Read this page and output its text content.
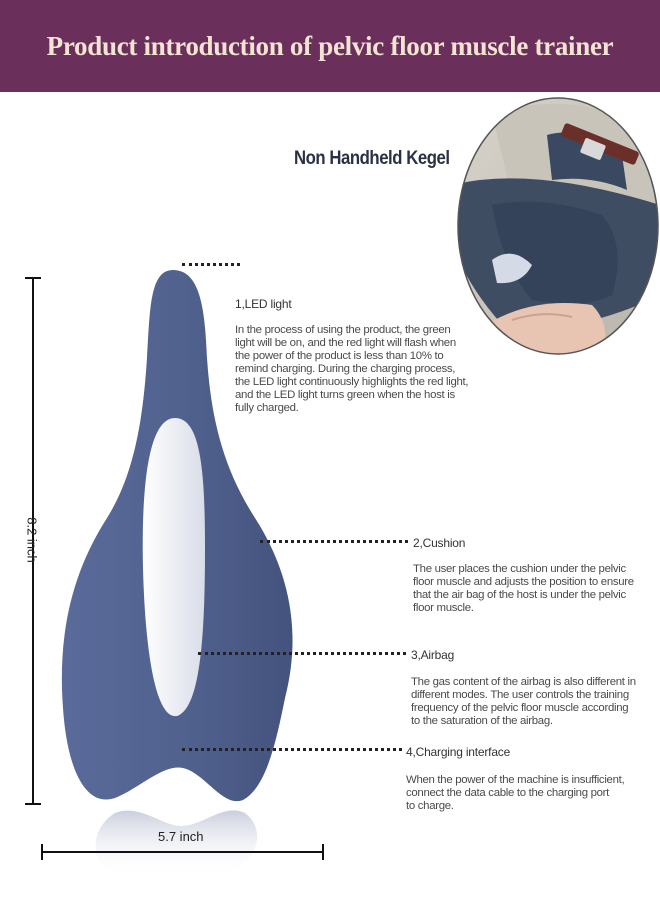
Product introduction of pelvic floor muscle trainer
Non Handheld Kegel
8.2 inch
5.7 inch
1,LED light
In the process of using the product, the green
light will be on, and the red light will flash when
the power of the product is less than 10% to
remind charging. During the charging process,
the LED light continuously highlights the red light,
and the LED light turns green when the host is
fully charged.
2,Cushion
The user places the cushion under the pelvic
floor muscle and adjusts the position to ensure
that the air bag of the host is under the pelvic
floor muscle.
3,Airbag
The gas content of the airbag is also different in
different modes. The user controls the training
frequency of the pelvic floor muscle according
to the saturation of the airbag.
4,Charging interface
When the power of the machine is insufficient,
connect the data cable to the charging port
to charge.
